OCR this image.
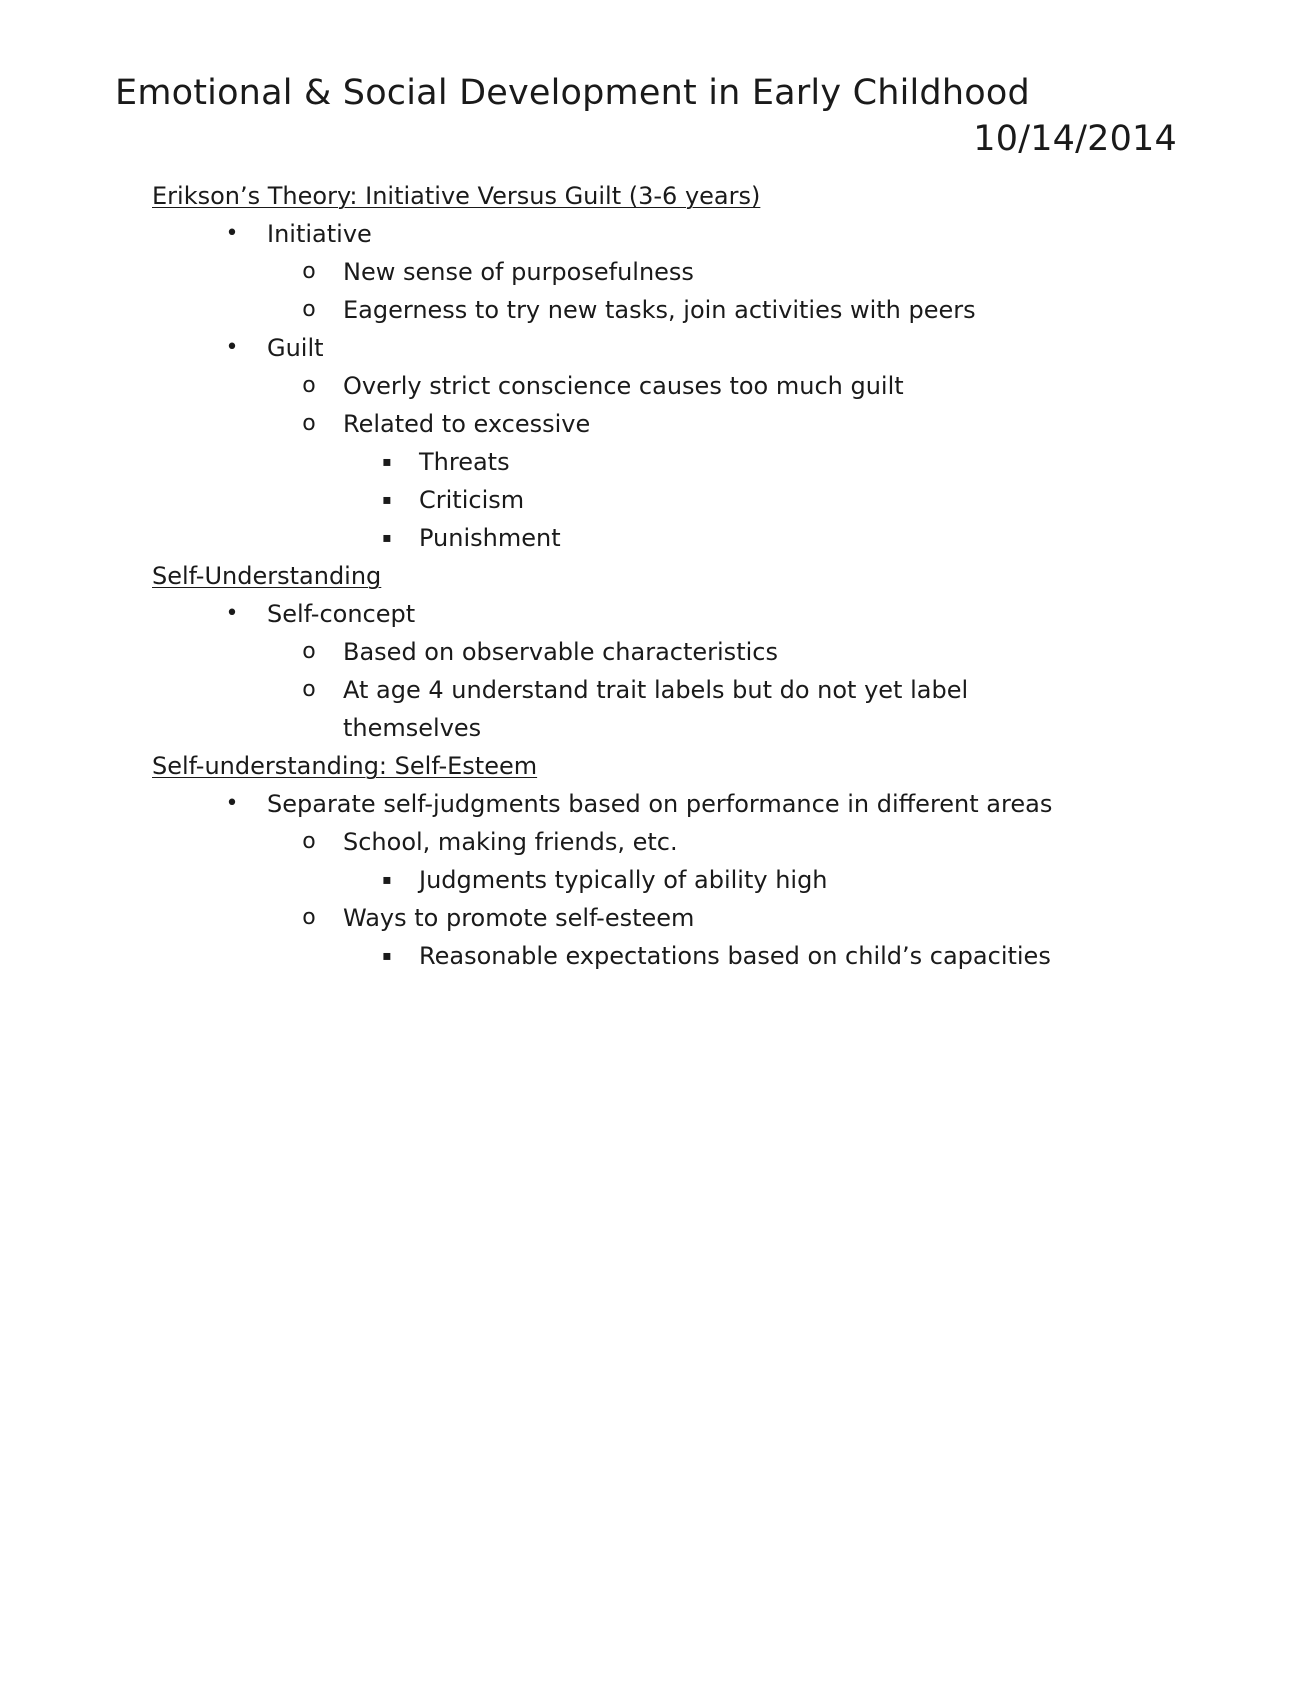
Emotional & Social Development in Early Childhood
10/14/2014
Erikson’s Theory: Initiative Versus Guilt (3-6 years)
• Initiative
o New sense of purposefulness
o Eagerness to try new tasks, join activities with peers
• Guilt
o Overly strict conscience causes too much guilt
o Related to excessive
▪ Threats
▪ Criticism
▪ Punishment
Self-Understanding
• Self-concept
o Based on observable characteristics
o At age 4 understand trait labels but do not yet label themselves
Self-understanding: Self-Esteem
• Separate self-judgments based on performance in different areas
o School, making friends, etc.
▪ Judgments typically of ability high
o Ways to promote self-esteem
▪ Reasonable expectations based on child’s capacities
